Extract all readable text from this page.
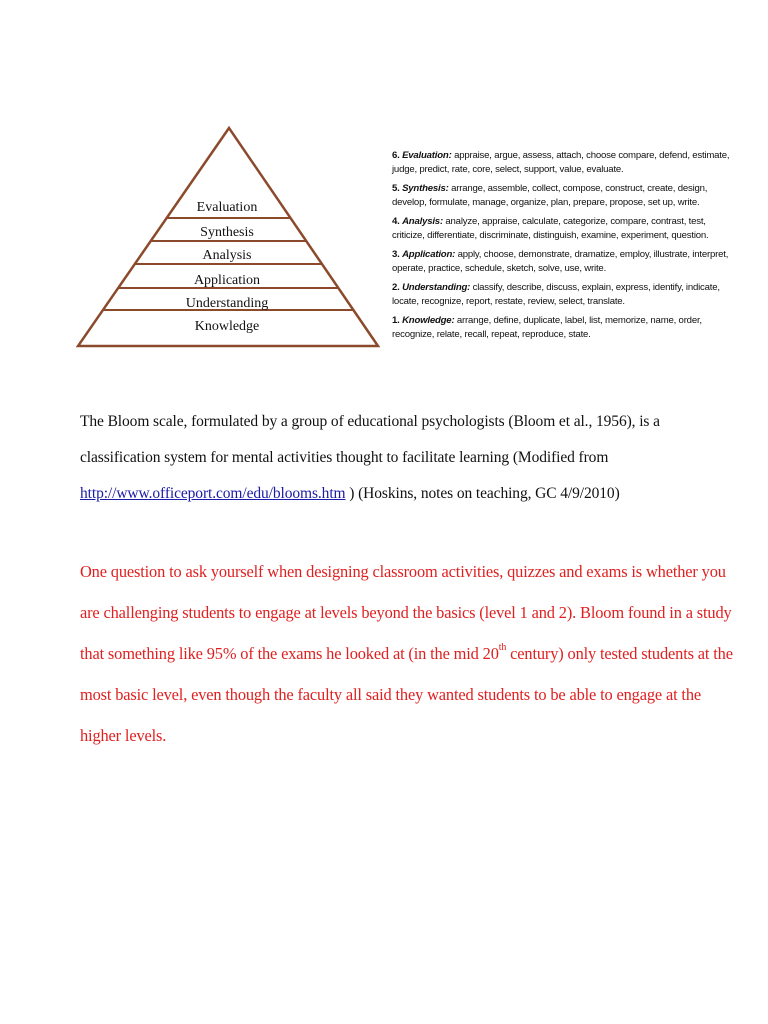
Evaluation
Synthesis
Analysis
Application
Understanding
Knowledge
6. Evaluation: appraise, argue, assess, attach, choose compare, defend, estimate, judge, predict, rate, core, select, support, value, evaluate.
5. Synthesis: arrange, assemble, collect, compose, construct, create, design, develop, formulate, manage, organize, plan, prepare, propose, set up, write.
4. Analysis: analyze, appraise, calculate, categorize, compare, contrast, test, criticize, differentiate, discriminate, distinguish, examine, experiment, question.
3. Application: apply, choose, demonstrate, dramatize, employ, illustrate, interpret, operate, practice, schedule, sketch, solve, use, write.
2. Understanding: classify, describe, discuss, explain, express, identify, indicate, locate, recognize, report, restate, review, select, translate.
1. Knowledge: arrange, define, duplicate, label, list, memorize, name, order, recognize, relate, recall, repeat, reproduce, state.

The Bloom scale, formulated by a group of educational psychologists (Bloom et al., 1956), is a classification system for mental activities thought to facilitate learning (Modified from http://www.officeport.com/edu/blooms.htm ) (Hoskins, notes on teaching, GC 4/9/2010)

One question to ask yourself when designing classroom activities, quizzes and exams is whether you are challenging students to engage at levels beyond the basics (level 1 and 2). Bloom found in a study that something like 95% of the exams he looked at (in the mid 20th century) only tested students at the most basic level, even though the faculty all said they wanted students to be able to engage at the higher levels.
